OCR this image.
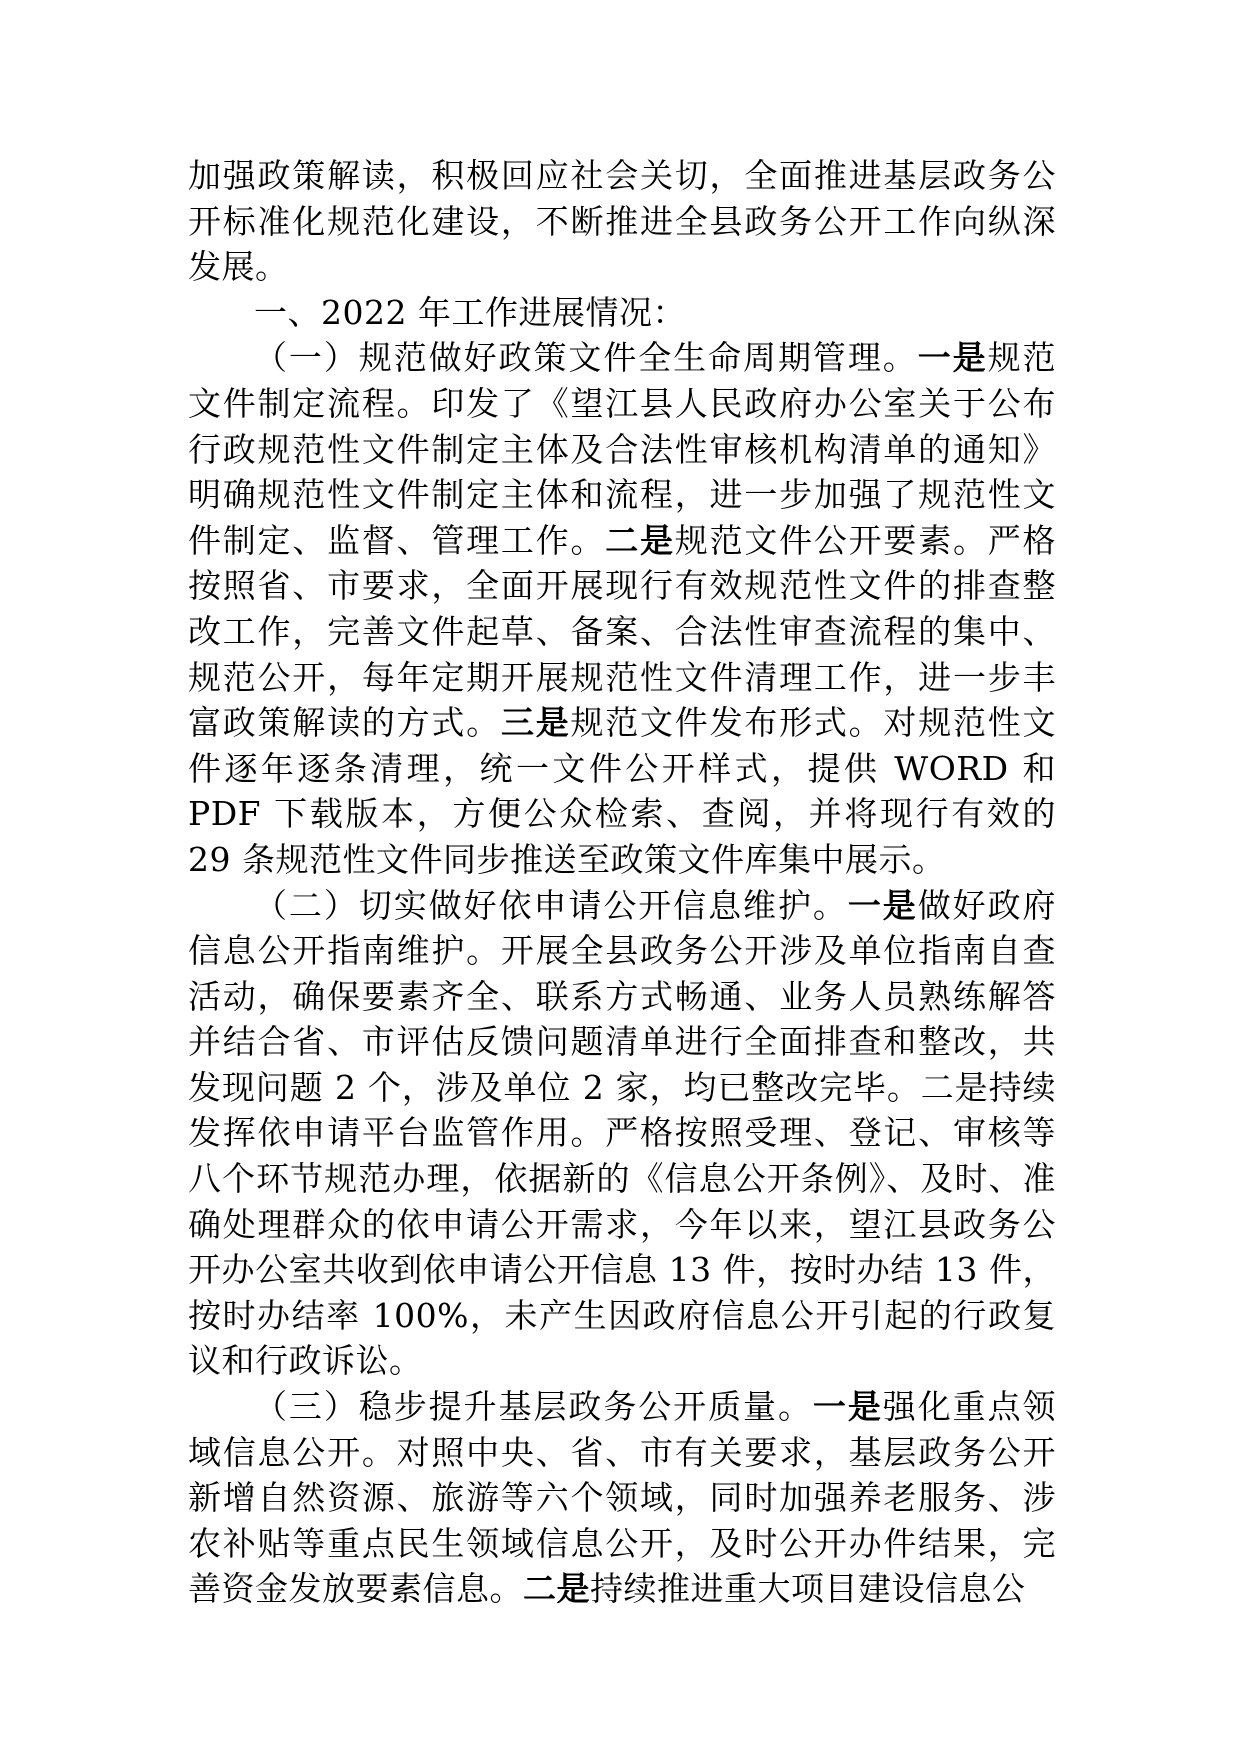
加强政策解读，积极回应社会关切，全面推进基层政务公开标准化规范化建设，不断推进全县政务公开工作向纵深发展。

一、2022 年工作进展情况：

（一）规范做好政策文件全生命周期管理。一是规范文件制定流程。印发了《望江县人民政府办公室关于公布行政规范性文件制定主体及合法性审核机构清单的通知》明确规范性文件制定主体和流程，进一步加强了规范性文件制定、监督、管理工作。二是规范文件公开要素。严格按照省、市要求，全面开展现行有效规范性文件的排查整改工作，完善文件起草、备案、合法性审查流程的集中、规范公开，每年定期开展规范性文件清理工作，进一步丰富政策解读的方式。三是规范文件发布形式。对规范性文件逐年逐条清理，统一文件公开样式，提供 WORD 和 PDF 下载版本，方便公众检索、查阅，并将现行有效的 29 条规范性文件同步推送至政策文件库集中展示。

（二）切实做好依申请公开信息维护。一是做好政府信息公开指南维护。开展全县政务公开涉及单位指南自查活动，确保要素齐全、联系方式畅通、业务人员熟练解答并结合省、市评估反馈问题清单进行全面排查和整改，共发现问题 2 个，涉及单位 2 家，均已整改完毕。二是持续发挥依申请平台监管作用。严格按照受理、登记、审核等八个环节规范办理，依据新的《信息公开条例》、及时、准确处理群众的依申请公开需求，今年以来，望江县政务公开办公室共收到依申请公开信息 13 件，按时办结 13 件，按时办结率 100%，未产生因政府信息公开引起的行政复议和行政诉讼。

（三）稳步提升基层政务公开质量。一是强化重点领域信息公开。对照中央、省、市有关要求，基层政务公开新增自然资源、旅游等六个领域，同时加强养老服务、涉农补贴等重点民生领域信息公开，及时公开办件结果，完善资金发放要素信息。二是持续推进重大项目建设信息公
